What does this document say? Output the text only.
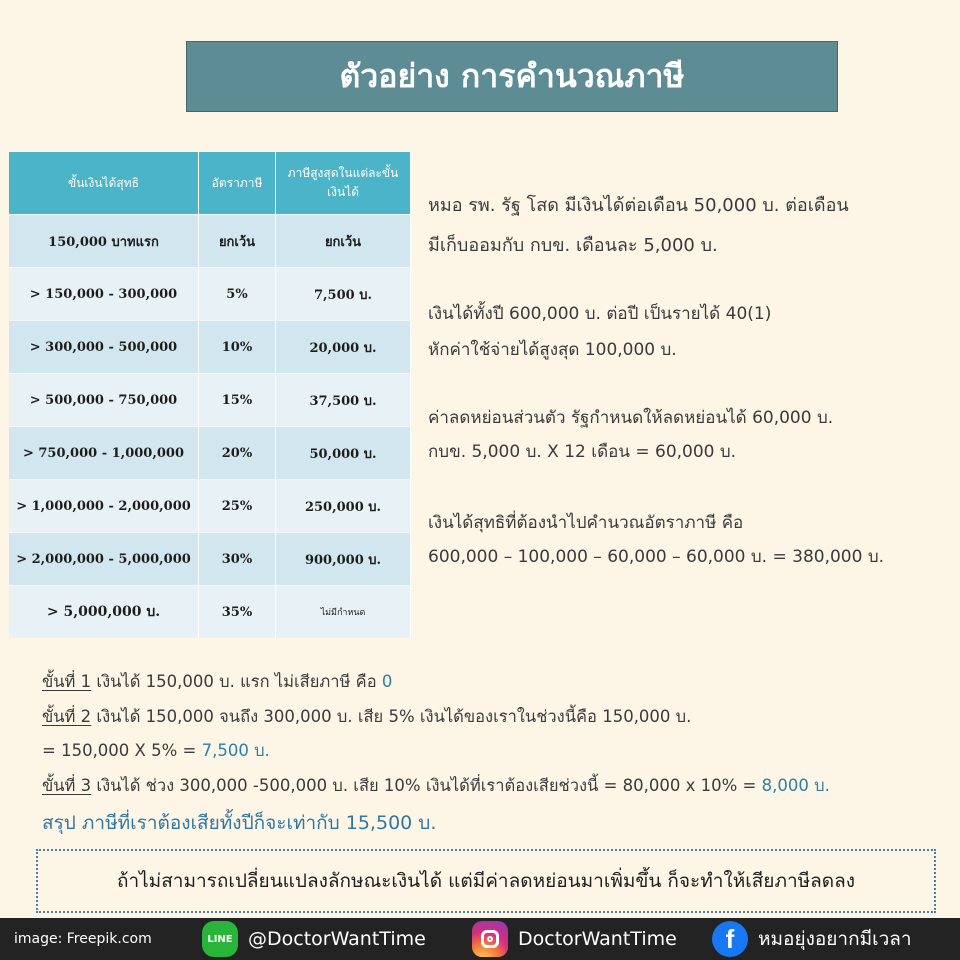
ตัวอย่าง การคำนวณภาษี
ขั้นเงินได้สุทธิ	อัตราภาษี	ภาษีสูงสุดในแต่ละขั้นเงินได้
150,000 บาทแรก	ยกเว้น	ยกเว้น
> 150,000 - 300,000	5%	7,500 บ.
> 300,000 - 500,000	10%	20,000 บ.
> 500,000 - 750,000	15%	37,500 บ.
> 750,000 - 1,000,000	20%	50,000 บ.
> 1,000,000 - 2,000,000	25%	250,000 บ.
> 2,000,000 - 5,000,000	30%	900,000 บ.
> 5,000,000 บ.	35%	ไม่มีกำหนด
หมอ รพ. รัฐ โสด มีเงินได้ต่อเดือน 50,000 บ. ต่อเดือน
มีเก็บออมกับ กบข. เดือนละ 5,000 บ.
เงินได้ทั้งปี 600,000 บ. ต่อปี เป็นรายได้ 40(1)
หักค่าใช้จ่ายได้สูงสุด 100,000 บ.
ค่าลดหย่อนส่วนตัว รัฐกำหนดให้ลดหย่อนได้ 60,000 บ.
กบข. 5,000 บ. X 12 เดือน = 60,000 บ.
เงินได้สุทธิที่ต้องนำไปคำนวณอัตราภาษี คือ
600,000 – 100,000 – 60,000 – 60,000 บ. = 380,000 บ.
ขั้นที่ 1 เงินได้ 150,000 บ. แรก ไม่เสียภาษี คือ 0
ขั้นที่ 2 เงินได้ 150,000 จนถึง 300,000 บ. เสีย 5% เงินได้ของเราในช่วงนี้คือ 150,000 บ.
= 150,000 X 5% = 7,500 บ.
ขั้นที่ 3 เงินได้ ช่วง 300,000 -500,000 บ. เสีย 10% เงินได้ที่เราต้องเสียช่วงนี้ = 80,000 x 10% = 8,000 บ.
สรุป ภาษีที่เราต้องเสียทั้งปีก็จะเท่ากับ 15,500 บ.
ถ้าไม่สามารถเปลี่ยนแปลงลักษณะเงินได้ แต่มีค่าลดหย่อนมาเพิ่มขึ้น ก็จะทำให้เสียภาษีลดลง
image: Freepik.com	LINE @DoctorWantTime	DoctorWantTime	f	หมอยุ่งอยากมีเวลา
